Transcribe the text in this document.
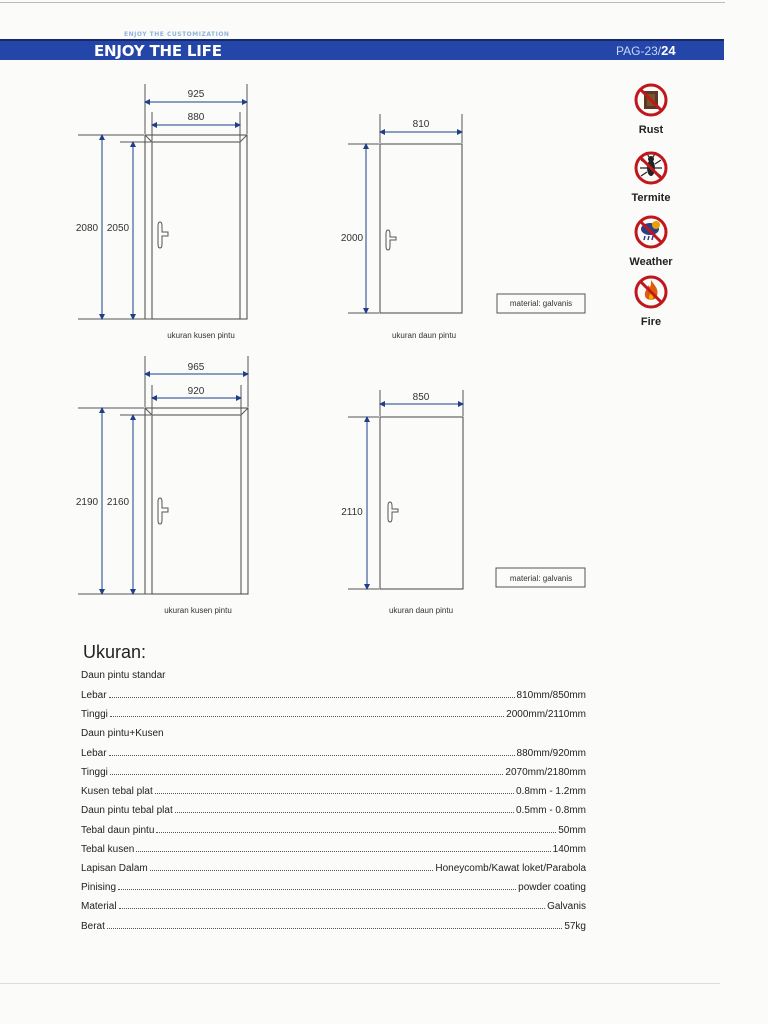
ENJOY THE CUSTOMIZATION
ENJOY THE LIFE	PAG-23/24
925
880
2080 2050
ukuran kusen pintu
810
2000
material: galvanis
ukuran daun pintu
965
920
2190 2160
ukuran kusen pintu
850
2110
material: galvanis
ukuran daun pintu
Rust
Termite
Weather
Fire
Ukuran:
Daun pintu standar
Daun pintu+Kusen
Lebar	810mm/850mm
Tinggi	2000mm/2110mm
Lebar	880mm/920mm
Tinggi	2070mm/2180mm
Kusen tebal plat	0.8mm - 1.2mm
Daun pintu tebal plat	0.5mm - 0.8mm
Tebal daun pintu	50mm
Tebal kusen	140mm
Lapisan Dalam	Honeycomb/Kawat loket/Parabola
Pinising	powder coating
Material	Galvanis
Berat	57kg
